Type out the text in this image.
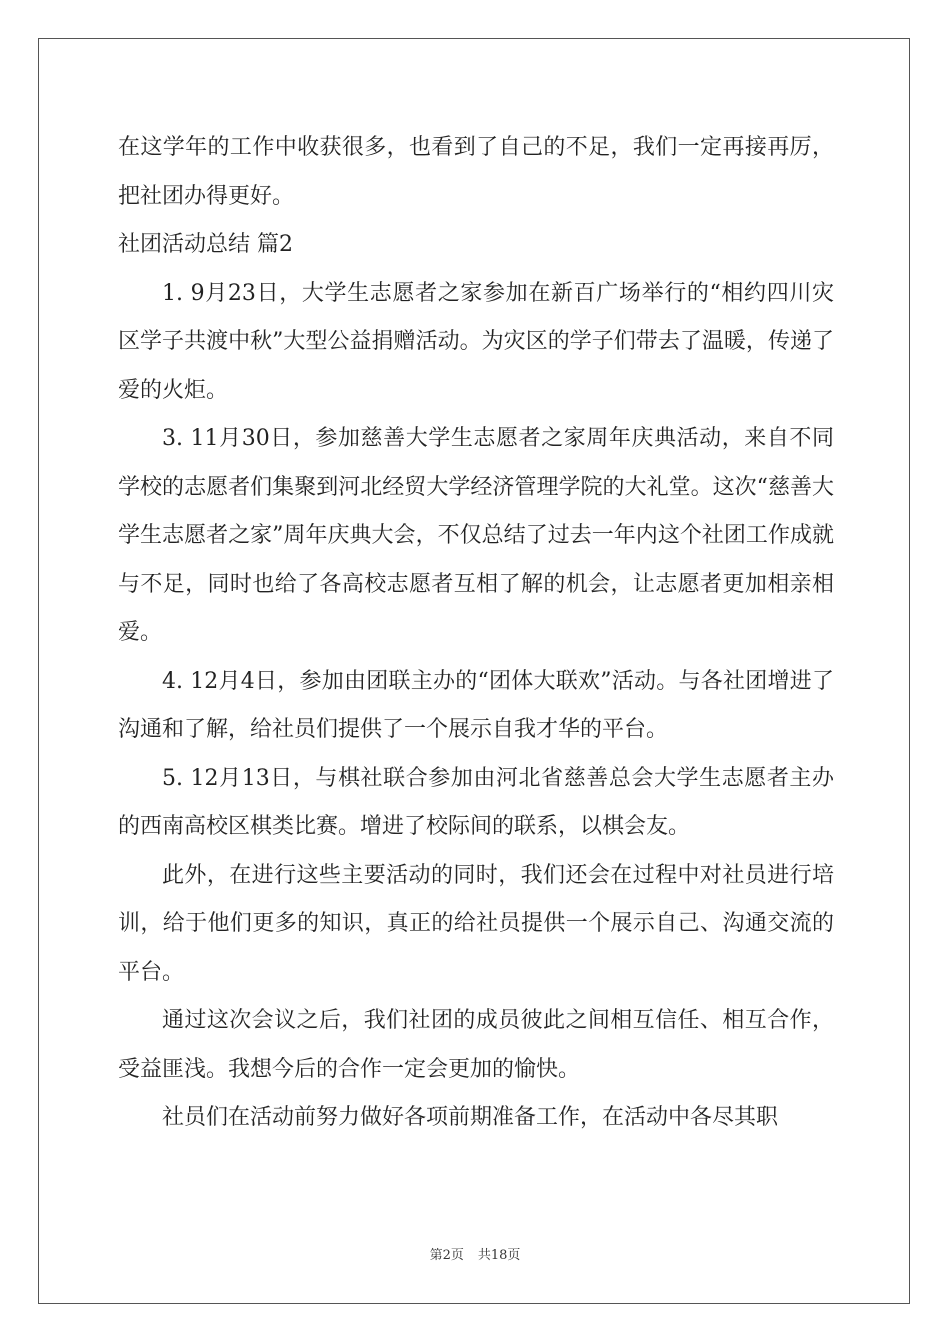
在这学年的工作中收获很多，也看到了自己的不足，我们一定再接再厉，把社团办得更好。

社团活动总结 篇2

1. 9月23日，大学生志愿者之家参加在新百广场举行的“相约四川灾区学子共渡中秋”大型公益捐赠活动。为灾区的学子们带去了温暖，传递了爱的火炬。

3. 11月30日，参加慈善大学生志愿者之家周年庆典活动，来自不同学校的志愿者们集聚到河北经贸大学经济管理学院的大礼堂。这次“慈善大学生志愿者之家”周年庆典大会，不仅总结了过去一年内这个社团工作成就与不足，同时也给了各高校志愿者互相了解的机会，让志愿者更加相亲相爱。

4. 12月4日，参加由团联主办的“团体大联欢”活动。与各社团增进了沟通和了解，给社员们提供了一个展示自我才华的平台。

5. 12月13日，与棋社联合参加由河北省慈善总会大学生志愿者主办的西南高校区棋类比赛。增进了校际间的联系，以棋会友。

此外，在进行这些主要活动的同时，我们还会在过程中对社员进行培训，给于他们更多的知识，真正的给社员提供一个展示自己、沟通交流的平台。

通过这次会议之后，我们社团的成员彼此之间相互信任、相互合作，受益匪浅。我想今后的合作一定会更加的愉快。

社员们在活动前努力做好各项前期准备工作，在活动中各尽其职

第2页 共18页
